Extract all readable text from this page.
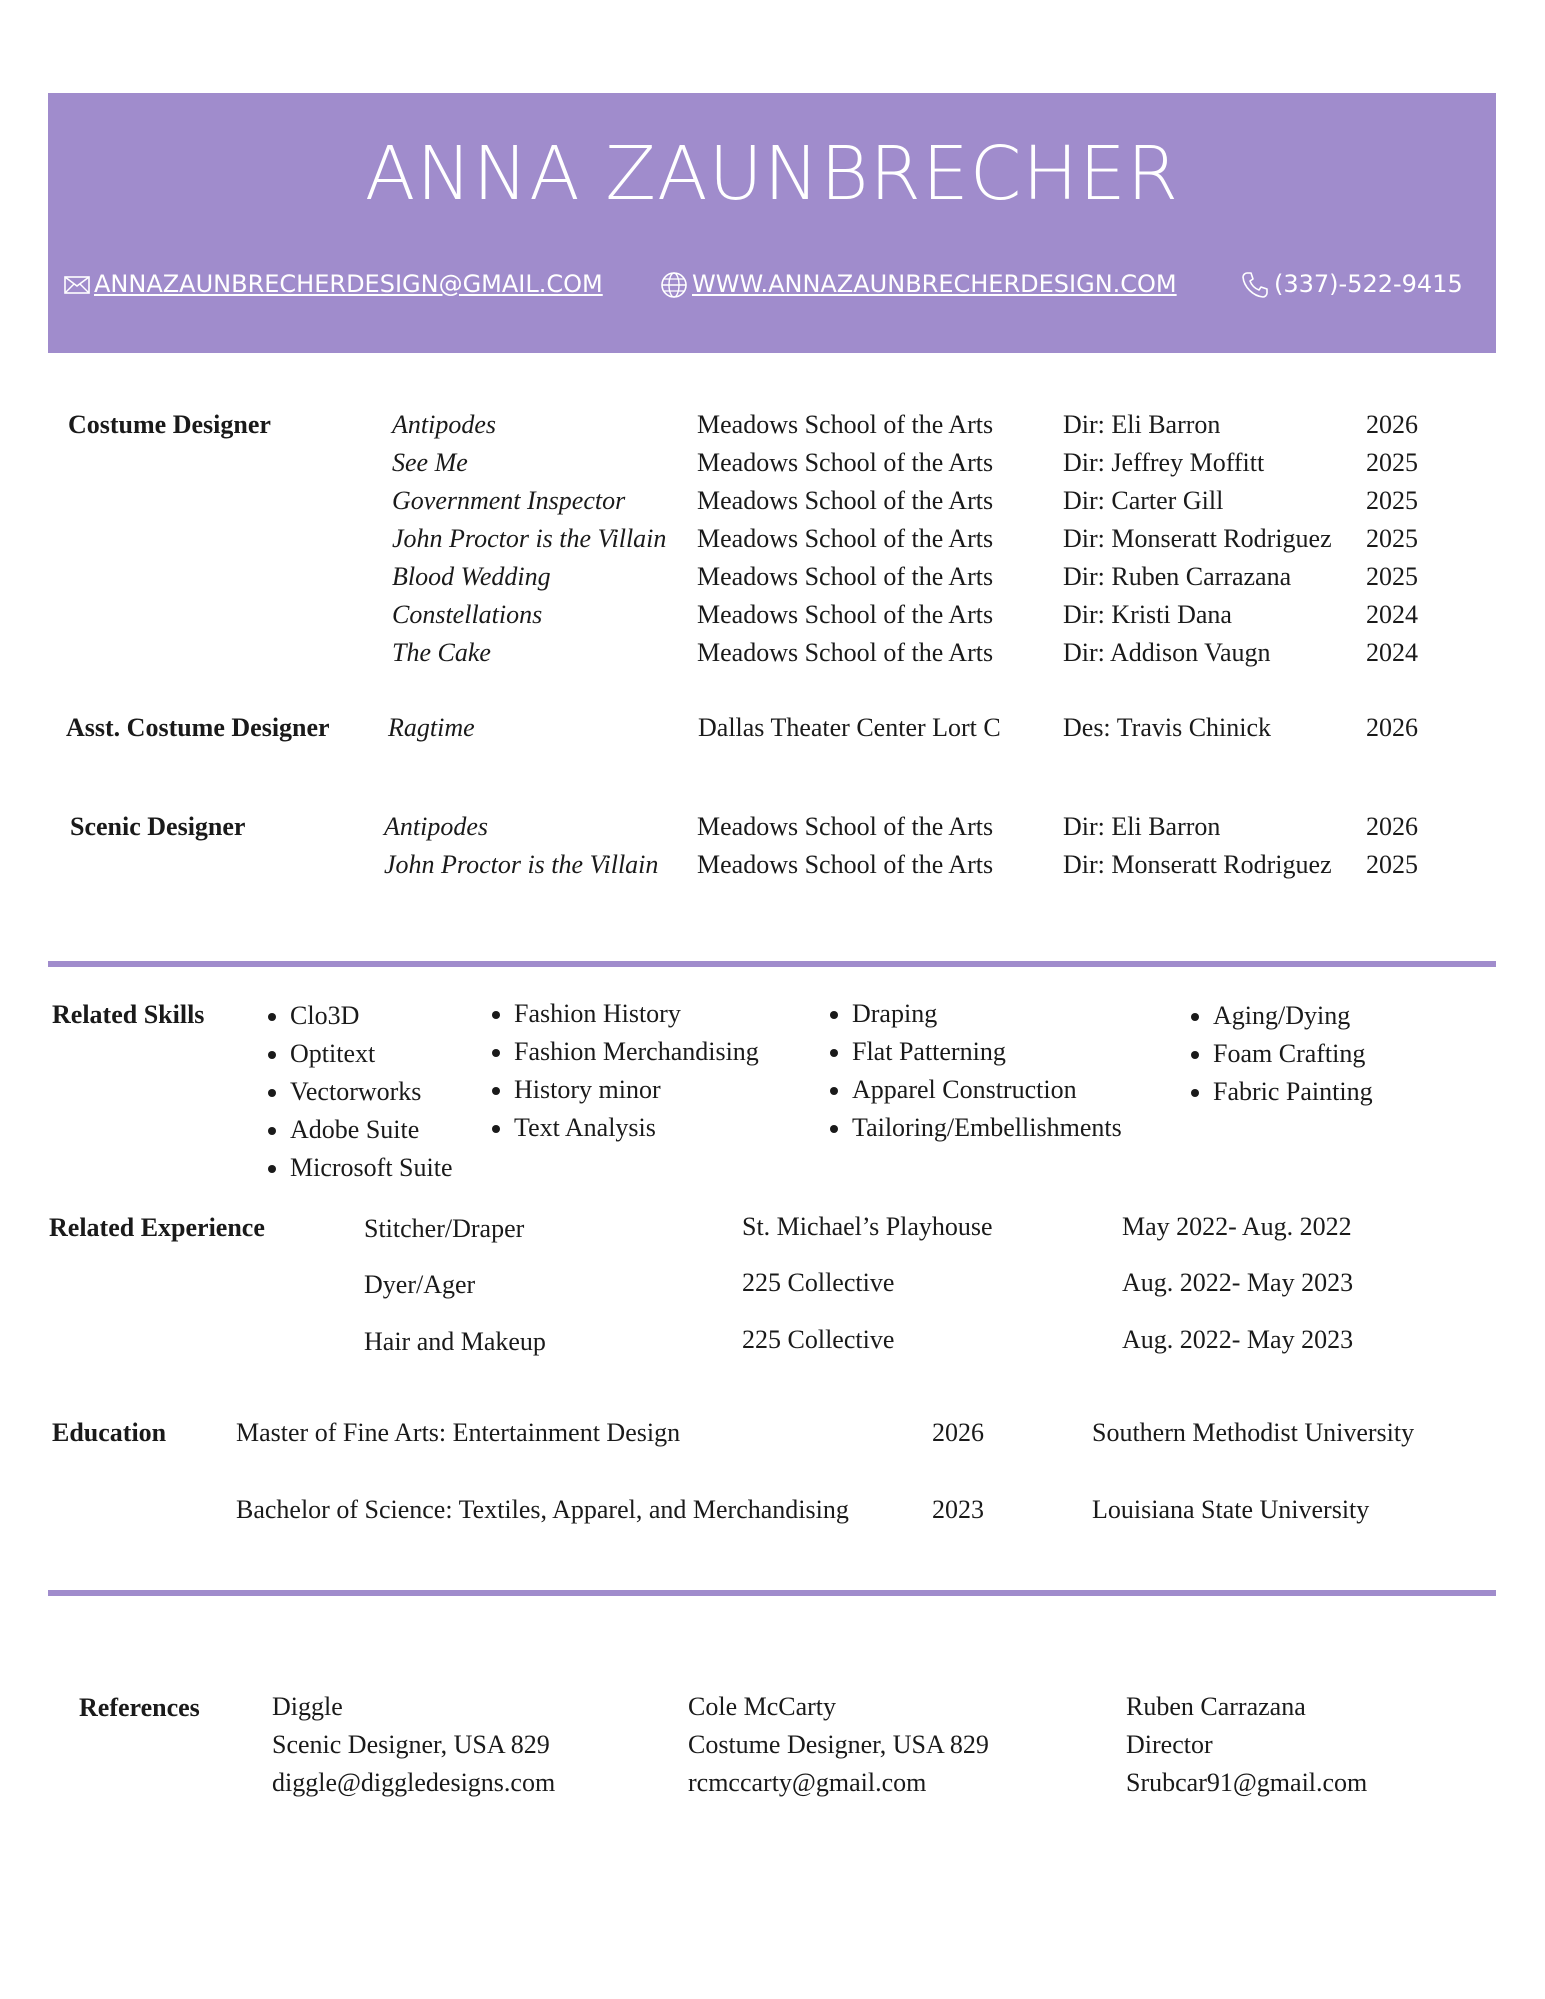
ANNA ZAUNBRECHER
ANNAZAUNBRECHERDESIGN@GMAIL.COM	WWW.ANNAZAUNBRECHERDESIGN.COM	(337)-522-9415
Costume Designer	Antipodes	Meadows School of the Arts	Dir: Eli Barron	2026
See Me	Meadows School of the Arts	Dir: Jeffrey Moffitt	2025
Government Inspector	Meadows School of the Arts	Dir: Carter Gill	2025
John Proctor is the Villain Meadows School of the Arts	Dir: Monseratt Rodriguez 2025
Blood Wedding	Meadows School of the Arts	Dir: Ruben Carrazana	2025
Constellations	Meadows School of the Arts	Dir: Kristi Dana	2024
The Cake	Meadows School of the Arts	Dir: Addison Vaugn	2024
Asst. Costume Designer Ragtime	Dallas Theater Center Lort C Des: Travis Chinick	2026
Scenic Designer	Antipodes	Meadows School of the Arts	Dir: Eli Barron	2026
John Proctor is the Villain Meadows School of the Arts	Dir: Monseratt Rodriguez 2025
Related Skills
•	Clo3D
• Optitext
• Vectorworks
• Adobe Suite
• Microsoft Suite
• Fashion History
• Fashion Merchandising
• History minor
• Text Analysis
• Draping
• Flat Patterning
• Apparel Construction
• Tailoring/Embellishments
• Aging/Dying
• Foam Crafting
• Fabric Painting
Related Experience	Stitcher/Draper	St. Michael’s Playhouse	May 2022- Aug. 2022
Dyer/Ager	225 Collective	Aug. 2022- May 2023
Hair and Makeup	225 Collective	Aug. 2022- May 2023
Education	Master of Fine Arts: Entertainment Design	2026	Southern Methodist University
Bachelor of Science: Textiles, Apparel, and Merchandising	2023	Louisiana State University
References	Diggle
Scenic Designer, USA 829
diggle@diggledesigns.com
Cole McCarty
Costume Designer, USA 829
rcmccarty@gmail.com
Ruben Carrazana
Director
Srubcar91@gmail.com
